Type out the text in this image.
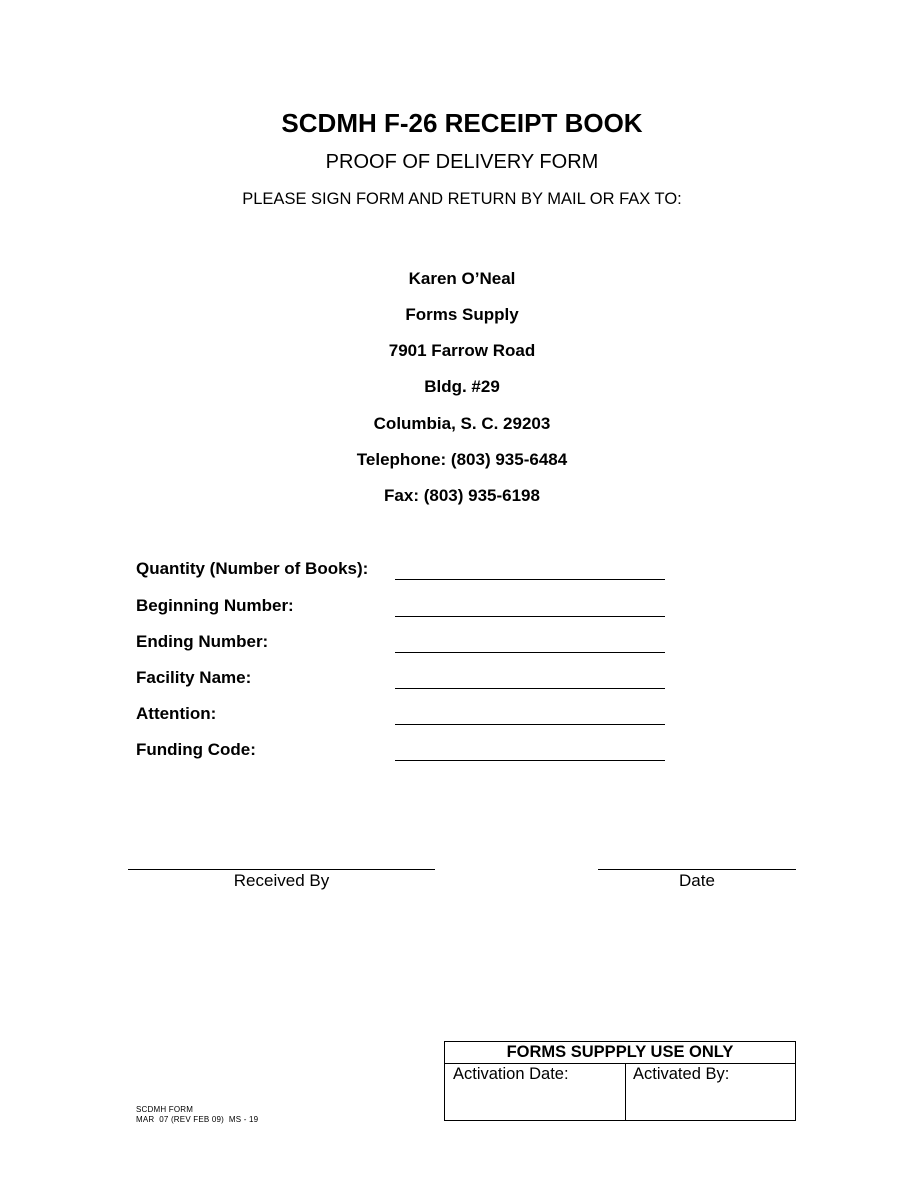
SCDMH F-26 RECEIPT BOOK
PROOF OF DELIVERY FORM
PLEASE SIGN FORM AND RETURN BY MAIL OR FAX TO:
Karen O’Neal
Forms Supply
7901 Farrow Road
Bldg. #29
Columbia, S. C. 29203
Telephone: (803) 935-6484
Fax: (803) 935-6198
Quantity (Number of Books):
Beginning Number:
Ending Number:
Facility Name:
Attention:
Funding Code:
Received By	Date
FORMS SUPPPLY USE ONLY
Activation Date:	Activated By:
SCDMH FORM
MAR  07 (REV FEB 09)  MS - 19
